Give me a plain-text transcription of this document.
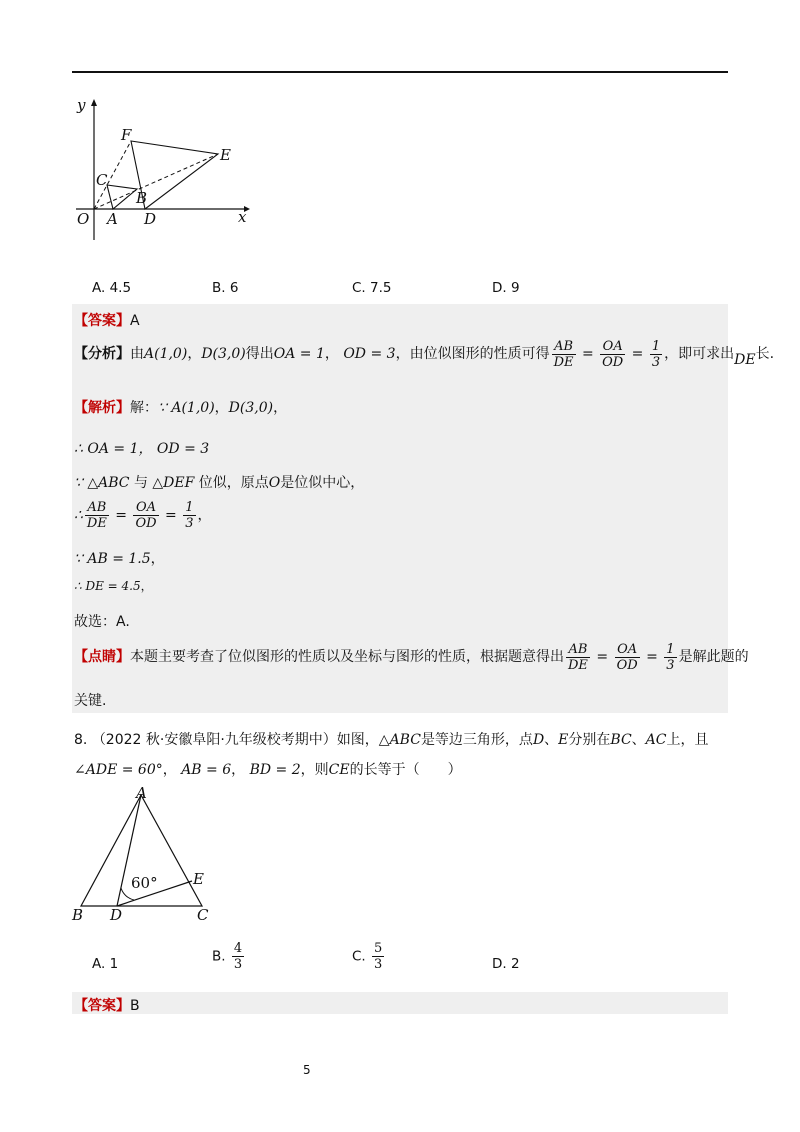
y
x
O A
B
C
D
E
F
A. 4.5	B. 6	C. 7.5	D. 9
【答案】A
【分析】由A(1,0)，D(3,0)得出OA = 1， OD = 3，由位似图形的性质可得 $\frac{AB}{DE} = \frac{OA}{OD} = \frac{1}{3}$ ，即可求出DE长.
【解析】解：∵ A(1,0)，D(3,0)，
∴ OA = 1， OD = 3
∵ △ABC 与 △DEF 位似，原点O是位似中心，
∴ $\frac{AB}{DE} = \frac{OA}{OD} = \frac{1}{3}$ ，
∵ AB = 1.5，
∴ DE = 4.5，
故选：A.
【点睛】本题主要考查了位似图形的性质以及坐标与图形的性质，根据题意得出 $\frac{AB}{DE} = \frac{OA}{OD} = \frac{1}{3}$ 是解此题的
关键.
8. （2022 秋·安徽阜阳·九年级校考期中）如图，△ABC是等边三角形，点D、E分别在BC、AC上，且
∠ADE = 60°， AB = 6， BD = 2，则CE的长等于（　　）
A
B	C
D
E
60°
A. 1	B. $\frac{4}{3}$	C. $\frac{5}{3}$	D. 2
【答案】B
5
